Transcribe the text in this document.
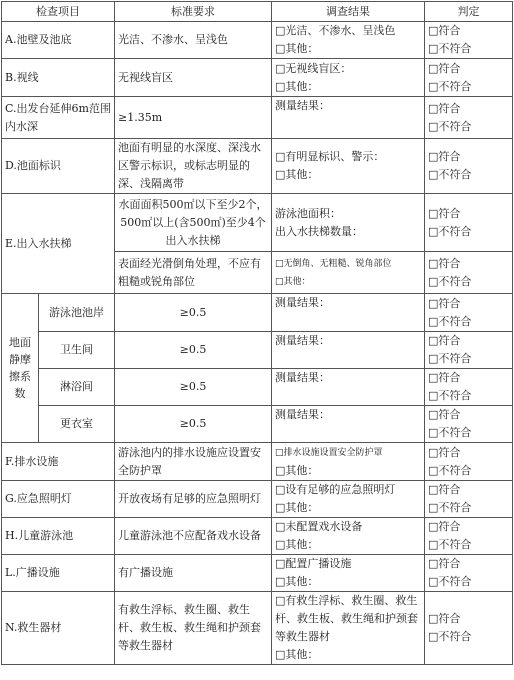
检查项目		标准要求	调查结果	判定
A.池壁及池底		光洁、不渗水、呈浅色	□光洁、不渗水、呈浅色
□其他：	□符合
□不符合

B.视线		无视线盲区	□无视线盲区：
□其他：	□符合
□不符合

C.出发台延伸6m范围内水深		≥1.35m	测量结果：	□符合
□不符合

D.池面标识		池面有明显的水深度、深浅水区警示标识，或标志明显的深、浅隔离带	□有明显标识、警示：
□其他：	□符合
□不符合

E.出入水扶梯		水面面积500㎡以下至少2个，500㎡以上(含500㎡)至少4个出入水扶梯	游泳池面积：
出入水扶梯数量：	□符合
□不符合

		表面经光滑倒角处理，不应有粗糙或锐角部位	□无倒角、无粗糙、锐角部位
□其他：	□符合
□不符合

地面静摩擦系数	游泳池池岸	≥0.5	测量结果：	□符合
□不符合

	卫生间	≥0.5	测量结果：	□符合
□不符合

	淋浴间	≥0.5	测量结果：	□符合
□不符合

	更衣室	≥0.5	测量结果：	□符合
□不符合

F.排水设施		游泳池内的排水设施应设置安全防护罩	□排水设施设置安全防护罩
□其他：	□符合
□不符合

G.应急照明灯		开放夜场有足够的应急照明灯	□设有足够的应急照明灯
□其他：	□符合
□不符合

H.儿童游泳池		儿童游泳池不应配备戏水设备	□未配置戏水设备
□其他：	□符合
□不符合

L.广播设施		有广播设施	□配置广播设施
□其他：	□符合
□不符合

N.救生器材		有救生浮标、救生圈、救生杆、救生板、救生绳和护颈套等救生器材	□有救生浮标、救生圈、救生杆、救生板、救生绳和护颈套等救生器材
□其他：	□符合
□不符合
